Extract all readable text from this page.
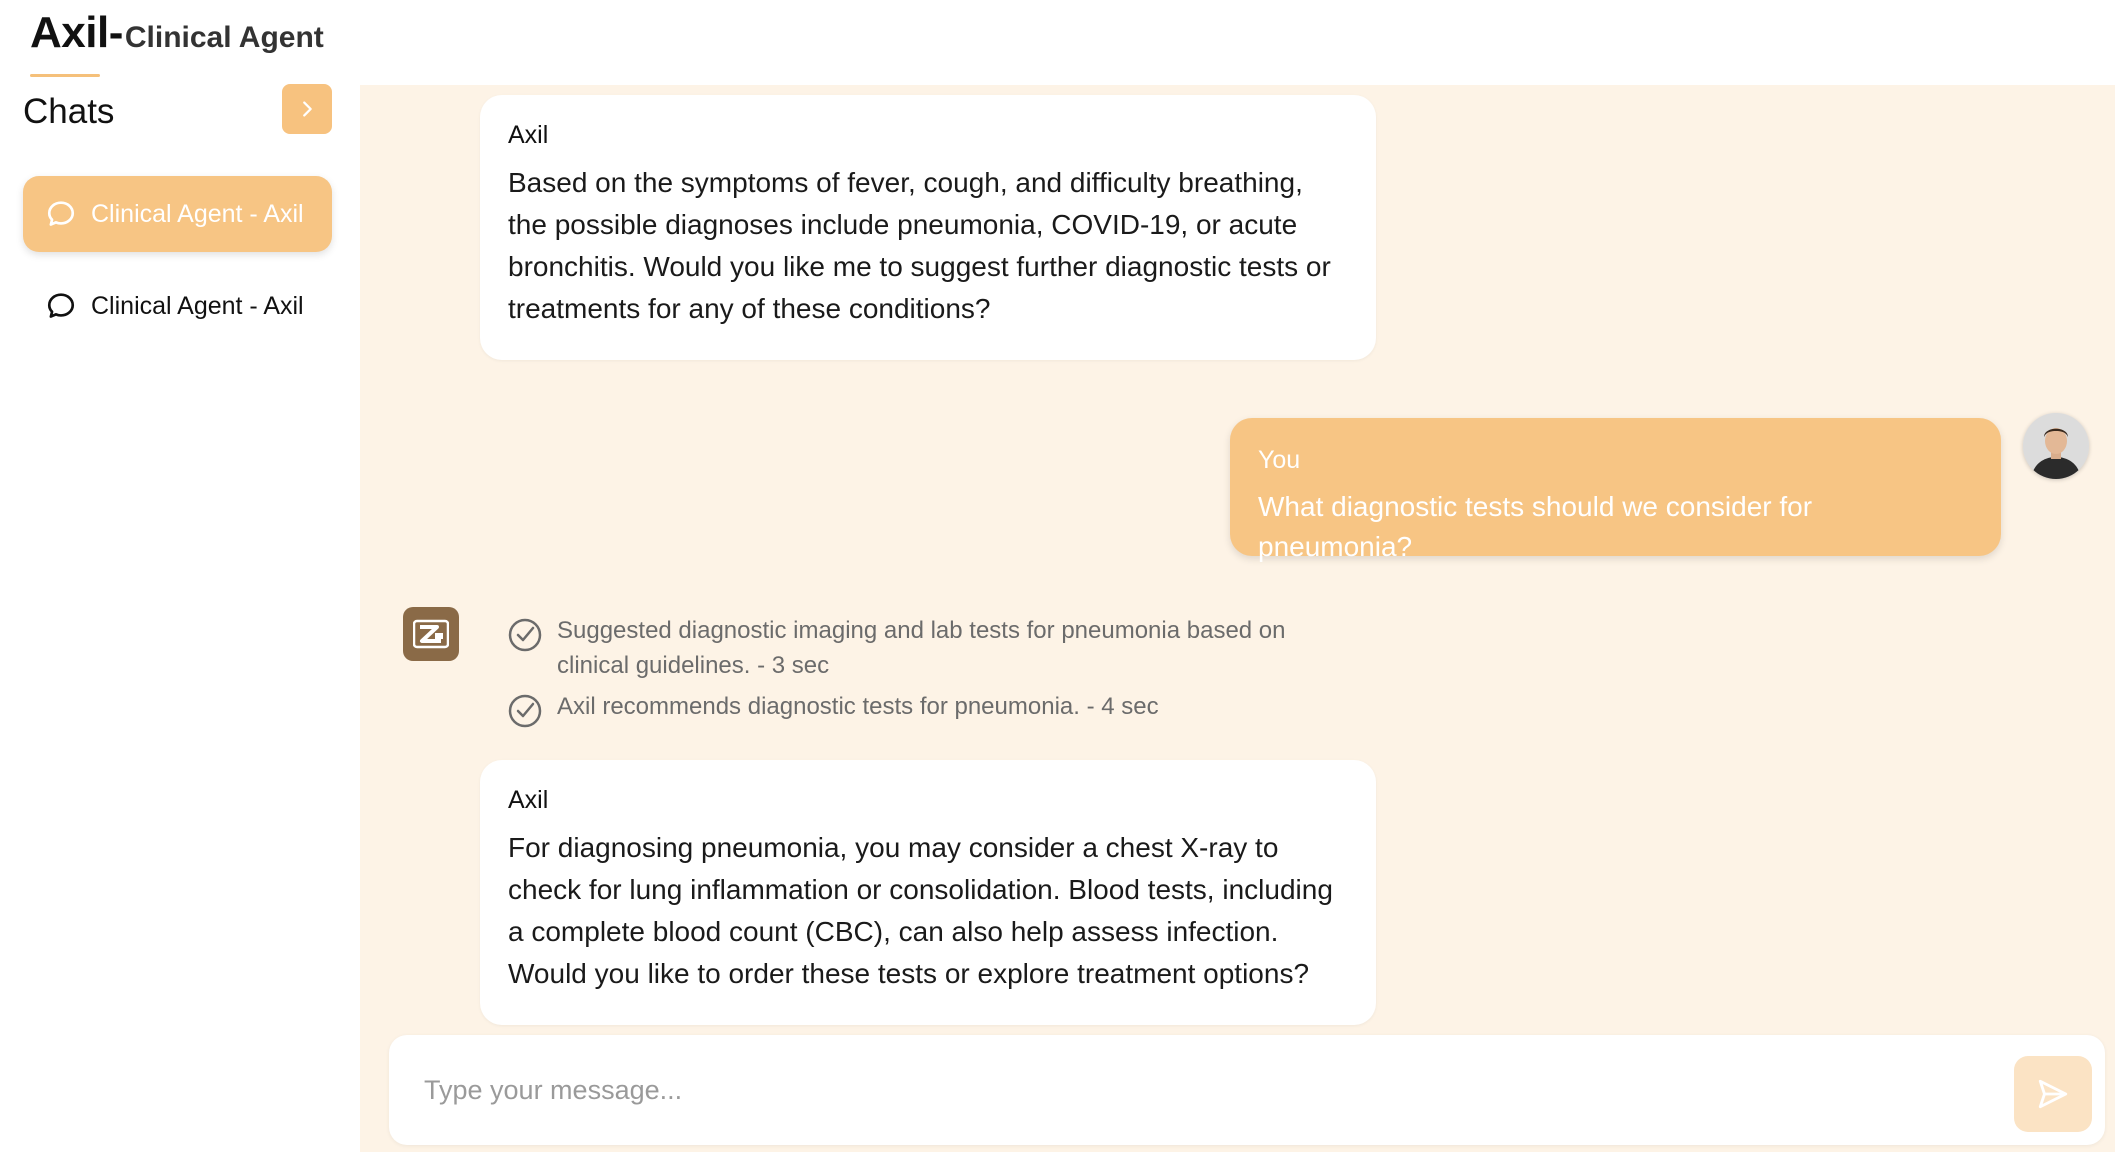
Axil- Clinical Agent
Chats
Clinical Agent - Axil
Clinical Agent - Axil
Axil
Based on the symptoms of fever, cough, and difficulty breathing, the possible diagnoses include pneumonia, COVID-19, or acute bronchitis. Would you like me to suggest further diagnostic tests or treatments for any of these conditions?
You
What diagnostic tests should we consider for pneumonia?
Suggested diagnostic imaging and lab tests for pneumonia based on clinical guidelines. - 3 sec
Axil recommends diagnostic tests for pneumonia. - 4 sec
Axil
For diagnosing pneumonia, you may consider a chest X-ray to check for lung inflammation or consolidation. Blood tests, including a complete blood count (CBC), can also help assess infection. Would you like to order these tests or explore treatment options?
Type your message...
